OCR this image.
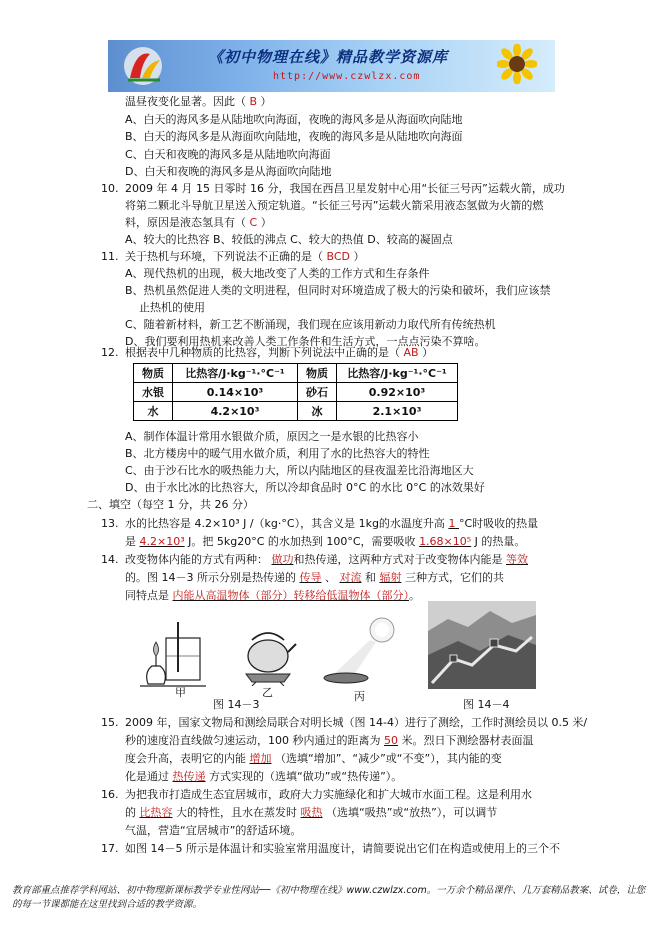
《初中物理在线》精品教学资源库
http://www.czwlzx.com
温昼夜变化显著。因此（ B ）
A、白天的海风多是从陆地吹向海面，夜晚的海风多是从海面吹向陆地
B、白天的海风多是从海面吹向陆地，夜晚的海风多是从陆地吹向海面
C、白天和夜晚的海风多是从陆地吹向海面
D、白天和夜晚的海风多是从海面吹向陆地
10. 2009 年 4 月 15 日零时 16 分，我国在西昌卫星发射中心用“长征三号丙”运载火箭，成功
将第二颗北斗导航卫星送入预定轨道。“长征三号丙”运载火箭采用液态氢做为火箭的燃
料，原因是液态氢具有（ C ）
A、较大的比热容 B、较低的沸点 C、较大的热值 D、较高的凝固点
11. 关于热机与环境，下列说法不正确的是（ BCD ）
A、现代热机的出现，极大地改变了人类的工作方式和生存条件
B、热机虽然促进人类的文明进程，但同时对环境造成了极大的污染和破坏，我们应该禁
止热机的使用
C、随着新材料，新工艺不断涌现，我们现在应该用新动力取代所有传统热机
D、我们要利用热机来改善人类工作条件和生活方式，一点点污染不算啥。
12. 根据表中几种物质的比热容，判断下列说法中正确的是（ AB ）
物质	比热容/J·kg⁻¹·°C⁻¹	物质	比热容/J·kg⁻¹·°C⁻¹
水银	0.14×10³	砂石	0.92×10³
水	4.2×10³	冰	2.1×10³
A、制作体温计常用水银做介质，原因之一是水银的比热容小
B、北方楼房中的暖气用水做介质，利用了水的比热容大的特性
C、由于沙石比水的吸热能力大，所以内陆地区的昼夜温差比沿海地区大
D、由于水比冰的比热容大，所以冷却食品时 0°C 的水比 0°C 的冰效果好
二、填空（每空 1 分，共 26 分）
13. 水的比热容是 4.2×10³ J /（kg·°C），其含义是 1kg的水温度升高 1 °C时吸收的热量
是 4.2×10³ J。把 5kg20°C 的水加热到 100°C，需要吸收 1.68×10⁵ J 的热量。
14. 改变物体内能的方式有两种： 做功和热传递，这两种方式对于改变物体内能是 等效
的。图 14－3 所示分别是热传递的 传导 、 对流 和 辐射 三种方式，它们的共
同特点是 内能从高温物体（部分）转移给低温物体（部分）。
甲	乙	丙
图 14－3	图 14－4
15. 2009 年，国家文物局和测绘局联合对明长城（图 14-4）进行了测绘，工作时测绘员以 0.5 米/
秒的速度沿直线做匀速运动，100 秒内通过的距离为 50 米。烈日下测绘器材表面温
度会升高，表明它的内能 增加 （选填“增加”、“减少”或“不变”），其内能的变
化是通过 热传递 方式实现的（选填“做功”或“热传递”）。
16. 为把我市打造成生态宜居城市，政府大力实施绿化和扩大城市水面工程。这是利用水
的 比热容 大的特性，且水在蒸发时 吸热 （选填“吸热”或“放热”），可以调节
气温，营造“宜居城市”的舒适环境。
17. 如图 14－5 所示是体温计和实验室常用温度计，请简要说出它们在构造或使用上的三个不
教育部重点推荐学科网站、初中物理新课标教学专业性网站──《初中物理在线》www.czwlzx.com。一万余个精品课件、几万套精品教案、试卷，让您的每一节课都能在这里找到合适的教学资源。
